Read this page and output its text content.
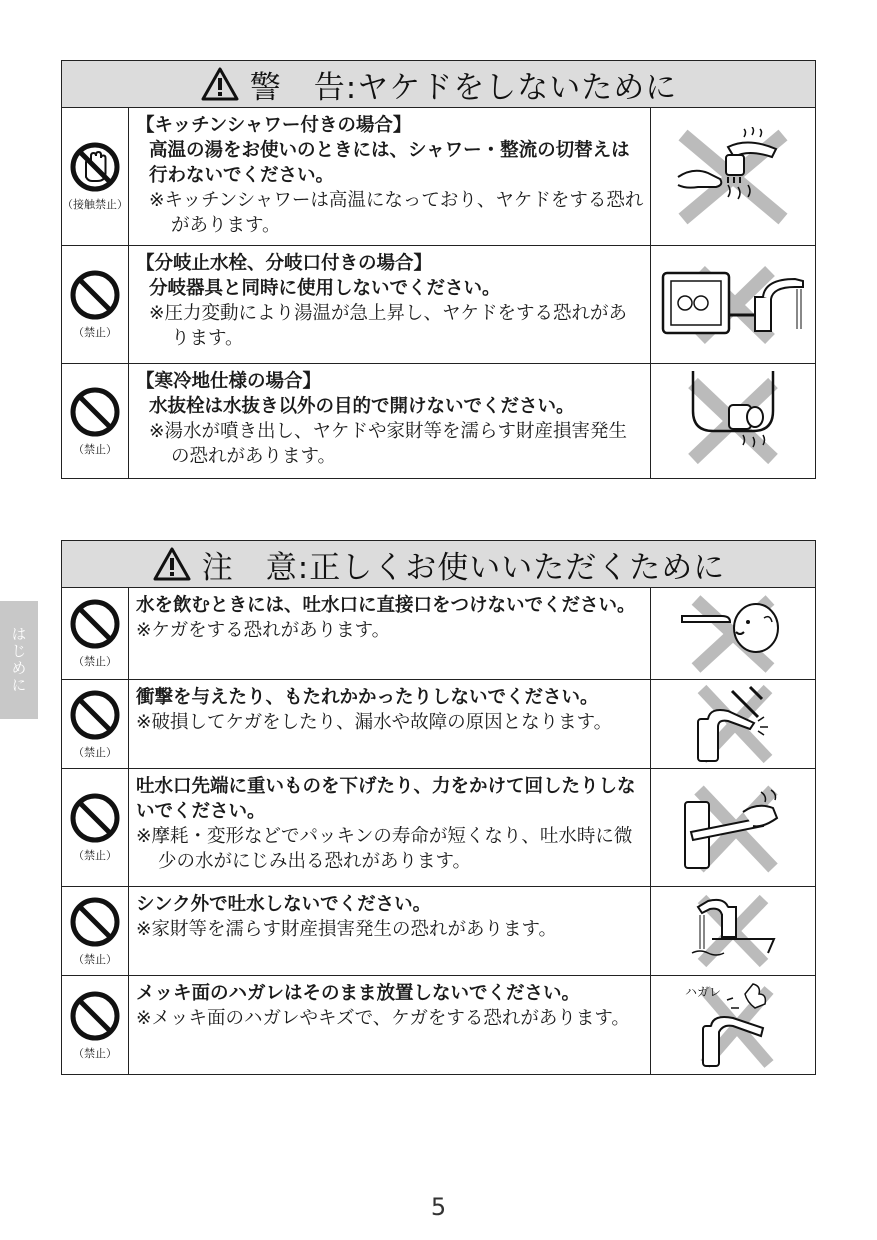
警　告:ヤケドをしないために
（接触禁止）
【キッチンシャワー付きの場合】
高温の湯をお使いのときには、シャワー・整流の切替えは行わないでください。
※キッチンシャワーは高温になっており、ヤケドをする恐れがあります。
（禁止）
【分岐止水栓、分岐口付きの場合】
分岐器具と同時に使用しないでください。
※圧力変動により湯温が急上昇し、ヤケドをする恐れがあります。
（禁止）
【寒冷地仕様の場合】
水抜栓は水抜き以外の目的で開けないでください。
※湯水が噴き出し、ヤケドや家財等を濡らす財産損害発生の恐れがあります。
注　意:正しくお使いいただくために
（禁止）
水を飲むときには、吐水口に直接口をつけないでください。
※ケガをする恐れがあります。
（禁止）
衝撃を与えたり、もたれかかったりしないでください。
※破損してケガをしたり、漏水や故障の原因となります。
（禁止）
吐水口先端に重いものを下げたり、力をかけて回したりしないでください。
※摩耗・変形などでパッキンの寿命が短くなり、吐水時に微少の水がにじみ出る恐れがあります。
（禁止）
シンク外で吐水しないでください。
※家財等を濡らす財産損害発生の恐れがあります。
（禁止）
メッキ面のハガレはそのまま放置しないでください。
※メッキ面のハガレやキズで、ケガをする恐れがあります。
ハガレ
はじめに
5
